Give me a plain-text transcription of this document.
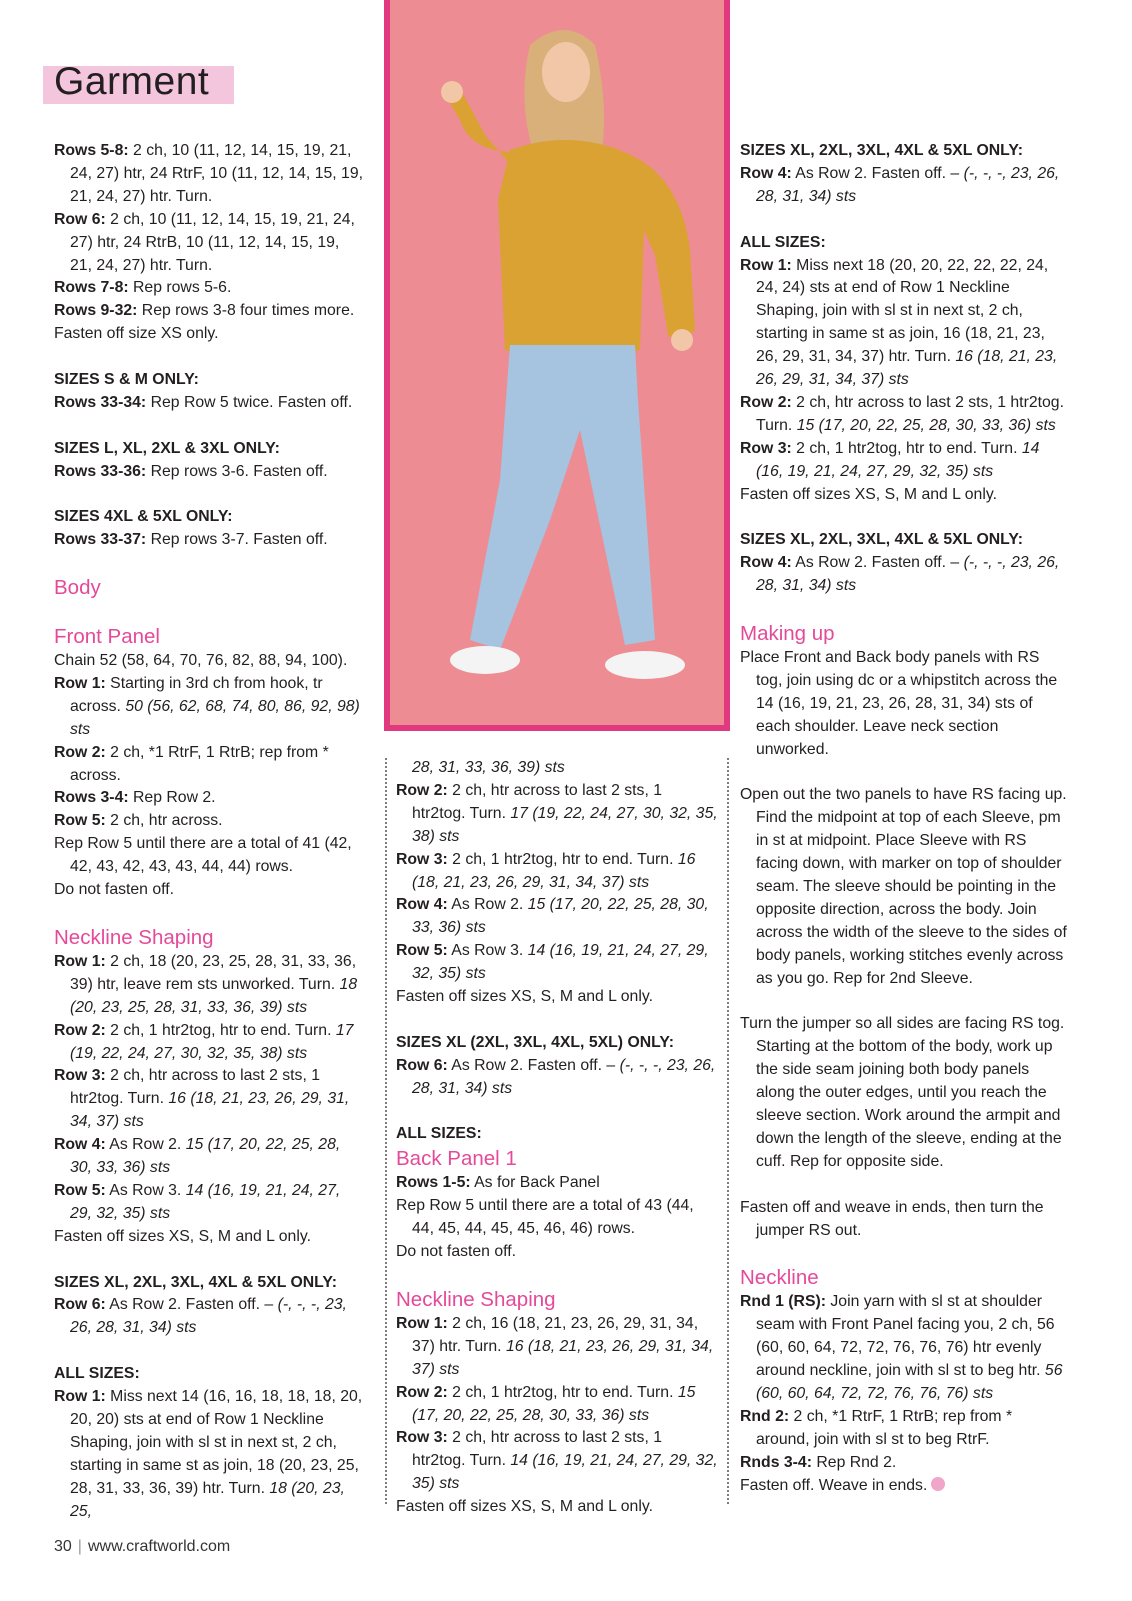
Garment

Rows 5-8: 2 ch, 10 (11, 12, 14, 15, 19, 21, 24, 27) htr, 24 RtrF, 10 (11, 12, 14, 15, 19, 21, 24, 27) htr. Turn.

Row 6: 2 ch, 10 (11, 12, 14, 15, 19, 21, 24, 27) htr, 24 RtrB, 10 (11, 12, 14, 15, 19, 21, 24, 27) htr. Turn.

Rows 7-8: Rep rows 5-6.

Rows 9-32: Rep rows 3-8 four times more.

Fasten off size XS only.

SIZES S & M ONLY:

Rows 33-34: Rep Row 5 twice. Fasten off.

SIZES L, XL, 2XL & 3XL ONLY:

Rows 33-36: Rep rows 3-6. Fasten off.

SIZES 4XL & 5XL ONLY:

Rows 33-37: Rep rows 3-7. Fasten off.

Body
Front Panel

Chain 52 (58, 64, 70, 76, 82, 88, 94, 100).

Row 1: Starting in 3rd ch from hook, tr across. 50 (56, 62, 68, 74, 80, 86, 92, 98) sts

Row 2: 2 ch, *1 RtrF, 1 RtrB; rep from * across.

Rows 3-4: Rep Row 2.

Row 5: 2 ch, htr across.

Rep Row 5 until there are a total of 41 (42, 42, 43, 42, 43, 43, 44, 44) rows.

Do not fasten off.

Neckline Shaping

Row 1: 2 ch, 18 (20, 23, 25, 28, 31, 33, 36, 39) htr, leave rem sts unworked. Turn. 18 (20, 23, 25, 28, 31, 33, 36, 39) sts

Row 2: 2 ch, 1 htr2tog, htr to end. Turn. 17 (19, 22, 24, 27, 30, 32, 35, 38) sts

Row 3: 2 ch, htr across to last 2 sts, 1 htr2tog. Turn. 16 (18, 21, 23, 26, 29, 31, 34, 37) sts

Row 4: As Row 2. 15 (17, 20, 22, 25, 28, 30, 33, 36) sts

Row 5: As Row 3. 14 (16, 19, 21, 24, 27, 29, 32, 35) sts

Fasten off sizes XS, S, M and L only.

SIZES XL, 2XL, 3XL, 4XL & 5XL ONLY:

Row 6: As Row 2. Fasten off. – (-, -, -, 23, 26, 28, 31, 34) sts

ALL SIZES:

Row 1: Miss next 14 (16, 16, 18, 18, 18, 20, 20, 20) sts at end of Row 1 Neckline Shaping, join with sl st in next st, 2 ch, starting in same st as join, 18 (20, 23, 25, 28, 31, 33, 36, 39) htr. Turn. 18 (20, 23, 25,

28, 31, 33, 36, 39) sts

Row 2: 2 ch, htr across to last 2 sts, 1 htr2tog. Turn. 17 (19, 22, 24, 27, 30, 32, 35, 38) sts

Row 3: 2 ch, 1 htr2tog, htr to end. Turn. 16 (18, 21, 23, 26, 29, 31, 34, 37) sts

Row 4: As Row 2. 15 (17, 20, 22, 25, 28, 30, 33, 36) sts

Row 5: As Row 3. 14 (16, 19, 21, 24, 27, 29, 32, 35) sts

Fasten off sizes XS, S, M and L only.

SIZES XL (2XL, 3XL, 4XL, 5XL) ONLY:

Row 6: As Row 2. Fasten off. – (-, -, -, 23, 26, 28, 31, 34) sts

ALL SIZES:
Back Panel 1

Rows 1-5: As for Back Panel

Rep Row 5 until there are a total of 43 (44, 44, 45, 44, 45, 45, 46, 46) rows.

Do not fasten off.

Neckline Shaping

Row 1: 2 ch, 16 (18, 21, 23, 26, 29, 31, 34, 37) htr. Turn. 16 (18, 21, 23, 26, 29, 31, 34, 37) sts

Row 2: 2 ch, 1 htr2tog, htr to end. Turn. 15 (17, 20, 22, 25, 28, 30, 33, 36) sts

Row 3: 2 ch, htr across to last 2 sts, 1 htr2tog. Turn. 14 (16, 19, 21, 24, 27, 29, 32, 35) sts

Fasten off sizes XS, S, M and L only.

SIZES XL, 2XL, 3XL, 4XL & 5XL ONLY:

Row 4: As Row 2. Fasten off. – (-, -, -, 23, 26, 28, 31, 34) sts

ALL SIZES:

Row 1: Miss next 18 (20, 20, 22, 22, 22, 24, 24, 24) sts at end of Row 1 Neckline Shaping, join with sl st in next st, 2 ch, starting in same st as join, 16 (18, 21, 23, 26, 29, 31, 34, 37) htr. Turn. 16 (18, 21, 23, 26, 29, 31, 34, 37) sts

Row 2: 2 ch, htr across to last 2 sts, 1 htr2tog. Turn. 15 (17, 20, 22, 25, 28, 30, 33, 36) sts

Row 3: 2 ch, 1 htr2tog, htr to end. Turn. 14 (16, 19, 21, 24, 27, 29, 32, 35) sts

Fasten off sizes XS, S, M and L only.

SIZES XL, 2XL, 3XL, 4XL & 5XL ONLY:

Row 4: As Row 2. Fasten off. – (-, -, -, 23, 26, 28, 31, 34) sts

Making up

Place Front and Back body panels with RS tog, join using dc or a whipstitch across the 14 (16, 19, 21, 23, 26, 28, 31, 34) sts of each shoulder. Leave neck section unworked.

Open out the two panels to have RS facing up. Find the midpoint at top of each Sleeve, pm in st at midpoint. Place Sleeve with RS facing down, with marker on top of shoulder seam. The sleeve should be pointing in the opposite direction, across the body. Join across the width of the sleeve to the sides of body panels, working stitches evenly across as you go. Rep for 2nd Sleeve.

Turn the jumper so all sides are facing RS tog. Starting at the bottom of the body, work up the side seam joining both body panels along the outer edges, until you reach the sleeve section. Work around the armpit and down the length of the sleeve, ending at the cuff. Rep for opposite side.

Fasten off and weave in ends, then turn the jumper RS out.

Neckline

Rnd 1 (RS): Join yarn with sl st at shoulder seam with Front Panel facing you, 2 ch, 56 (60, 60, 64, 72, 72, 76, 76, 76) htr evenly around neckline, join with sl st to beg htr. 56 (60, 60, 64, 72, 72, 76, 76, 76) sts

Rnd 2: 2 ch, *1 RtrF, 1 RtrB; rep from * around, join with sl st to beg RtrF.

Rnds 3-4: Rep Rnd 2.

Fasten off. Weave in ends.

30 | www.craftworld.com
